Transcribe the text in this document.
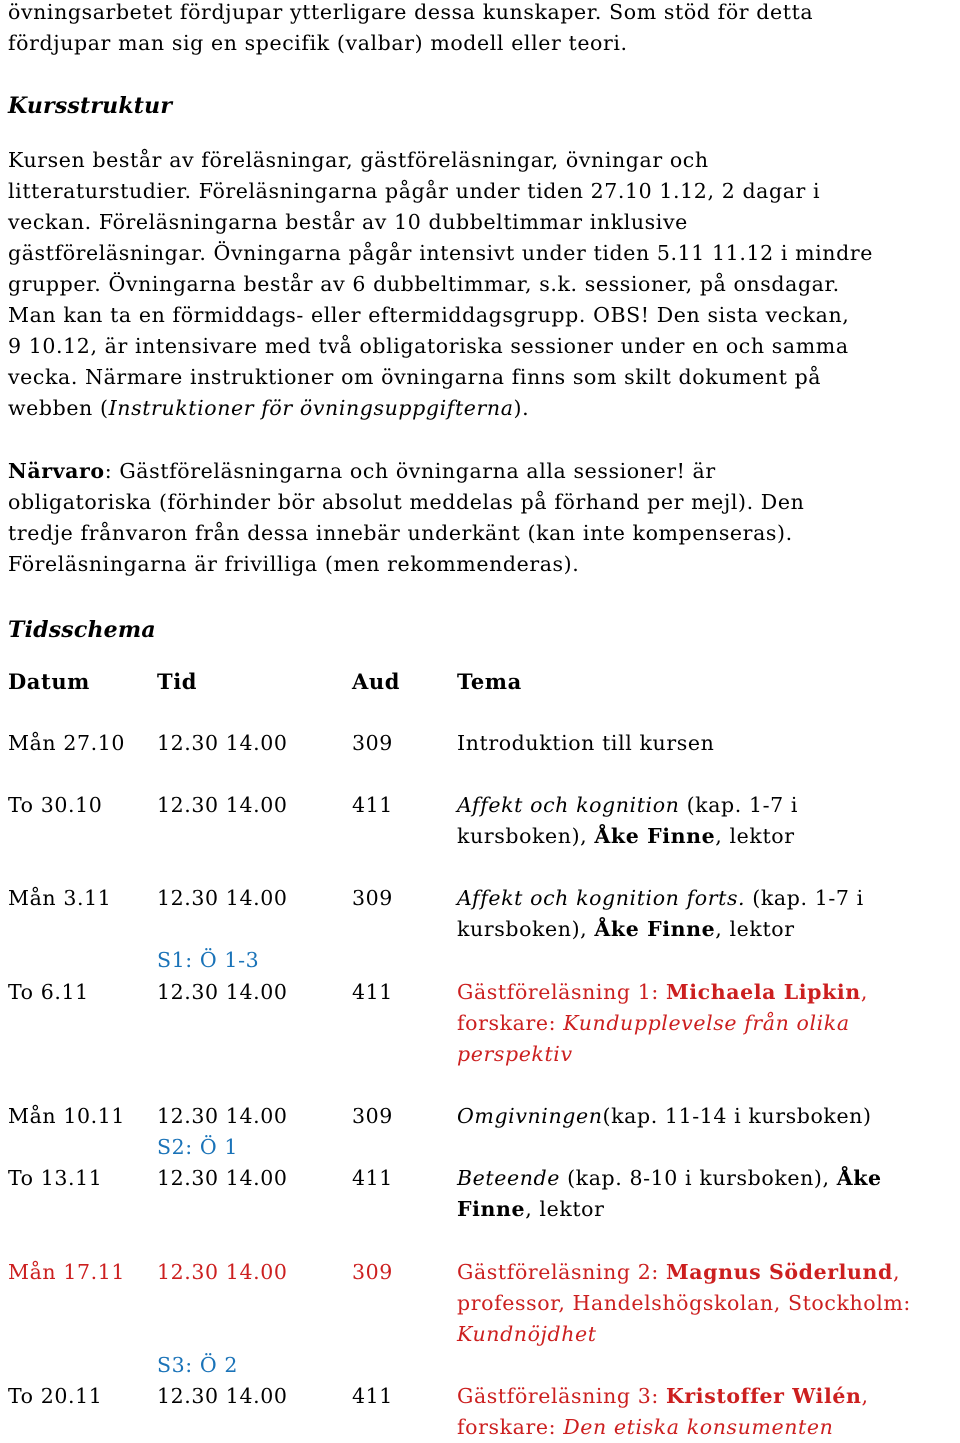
övningsarbetet fördjupar ytterligare dessa kunskaper. Som stöd för detta
fördjupar man sig en specifik (valbar) modell eller teori.
Kursstruktur
Kursen består av föreläsningar, gästföreläsningar, övningar och
litteraturstudier. Föreläsningarna pågår under tiden 27.10 1.12, 2 dagar i
veckan. Föreläsningarna består av 10 dubbeltimmar inklusive
gästföreläsningar. Övningarna pågår intensivt under tiden 5.11 11.12 i mindre
grupper. Övningarna består av 6 dubbeltimmar, s.k. sessioner, på onsdagar.
Man kan ta en förmiddags- eller eftermiddagsgrupp. OBS! Den sista veckan,
9 10.12, är intensivare med två obligatoriska sessioner under en och samma
vecka. Närmare instruktioner om övningarna finns som skilt dokument på
webben (Instruktioner för övningsuppgifterna).
Närvaro: Gästföreläsningarna och övningarna alla sessioner! är
obligatoriska (förhinder bör absolut meddelas på förhand per mejl). Den
tredje frånvaron från dessa innebär underkänt (kan inte kompenseras).
Föreläsningarna är frivilliga (men rekommenderas).
Tidsschema
Datum	Tid	Aud	Tema
Mån 27.10 12.30 14.00	309	Introduktion till kursen
To 30.10	12.30 14.00	411	Affekt och kognition (kap. 1-7 i
kursboken), Åke Finne, lektor
Mån 3.11 12.30 14.00	309	Affekt och kognition forts. (kap. 1-7 i
kursboken), Åke Finne, lektor
S1: Ö 1-3
To 6.11	12.30 14.00	411	Gästföreläsning 1: Michaela Lipkin,
forskare: Kundupplevelse från olika
perspektiv
Mån 10.11 12.30 14.00	309	Omgivningen(kap. 11-14 i kursboken)
S2: Ö 1
To 13.11	12.30 14.00	411	Beteende (kap. 8-10 i kursboken), Åke
Finne, lektor
Mån 17.11 12.30 14.00	309	Gästföreläsning 2: Magnus Söderlund,
professor, Handelshögskolan, Stockholm:
Kundnöjdhet
S3: Ö 2
To 20.11	12.30 14.00	411	Gästföreläsning 3: Kristoffer Wilén,
forskare: Den etiska konsumenten
